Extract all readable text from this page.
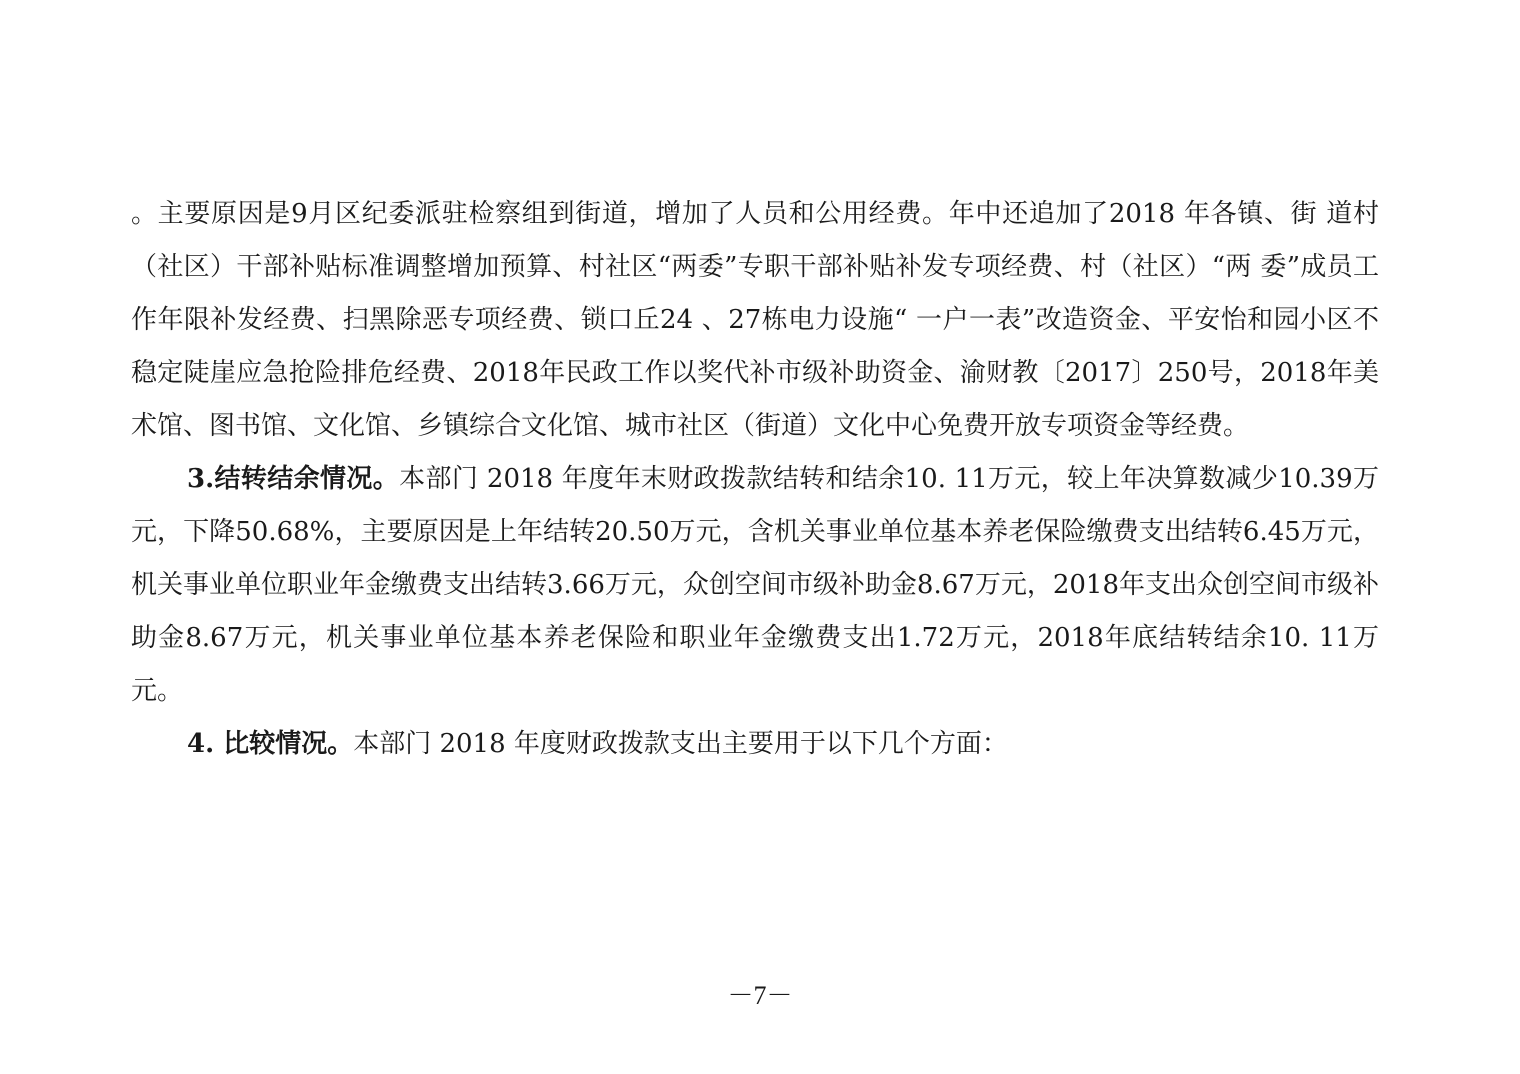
。主要原因是9月区纪委派驻检察组到街道，增加了人员和公用经费。年中还追加了2018 年各镇、街 道村（社区）干部补贴标准调整增加预算、村社区“两委”专职干部补贴补发专项经费、村（社区）“两 委”成员工作年限补发经费、扫黑除恶专项经费、锁口丘24 、27栋电力设施“ 一户一表”改造资金、平安怡和园小区不稳定陡崖应急抢险排危经费、2018年民政工作以奖代补市级补助资金、渝财教〔2017〕250号，2018年美术馆、图书馆、文化馆、乡镇综合文化馆、城市社区（街道）文化中心免费开放专项资金等经费。

3.结转结余情况。本部门 2018 年度年末财政拨款结转和结余10. 11万元，较上年决算数减少10.39万元，下降50.68%，主要原因是上年结转20.50万元，含机关事业单位基本养老保险缴费支出结转6.45万元，机关事业单位职业年金缴费支出结转3.66万元，众创空间市级补助金8.67万元，2018年支出众创空间市级补助金8.67万元，机关事业单位基本养老保险和职业年金缴费支出1.72万元，2018年底结转结余10. 11万元。

4. 比较情况。本部门 2018 年度财政拨款支出主要用于以下几个方面：

－7－
